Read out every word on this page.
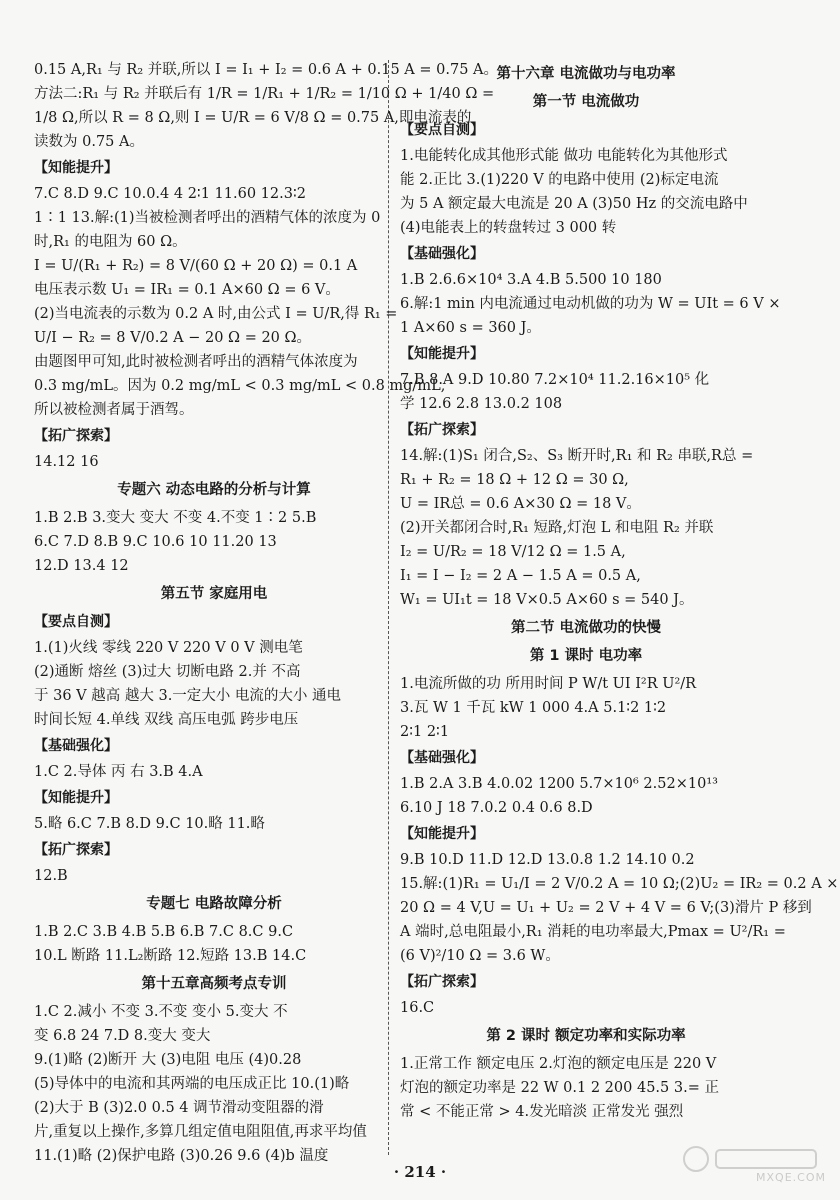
0.15 A,R₁ 与 R₂ 并联,所以 I = I₁ + I₂ = 0.6 A + 0.15 A = 0.75 A。
方法二:R₁ 与 R₂ 并联后有 1/R = 1/R₁ + 1/R₂ = 1/10 Ω + 1/40 Ω =
1/8 Ω,所以 R = 8 Ω,则 I = U/R = 6 V/8 Ω = 0.75 A,即电流表的
读数为 0.75 A。
【知能提升】
7.C 8.D 9.C 10.0.4 4 2∶1 11.60 12.3∶2
1∶1 13.解:(1)当被检测者呼出的酒精气体的浓度为 0
时,R₁ 的电阻为 60 Ω。
I = U/(R₁ + R₂) = 8 V/(60 Ω + 20 Ω) = 0.1 A
电压表示数 U₁ = IR₁ = 0.1 A×60 Ω = 6 V。
(2)当电流表的示数为 0.2 A 时,由公式 I = U/R,得 R₁ =
U/I − R₂ = 8 V/0.2 A − 20 Ω = 20 Ω。
由题图甲可知,此时被检测者呼出的酒精气体浓度为
0.3 mg/mL。因为 0.2 mg/mL < 0.3 mg/mL < 0.8 mg/mL,
所以被检测者属于酒驾。
【拓广探索】
14.12 16
专题六 动态电路的分析与计算
1.B 2.B 3.变大 变大 不变 4.不变 1∶2 5.B
6.C 7.D 8.B 9.C 10.6 10 11.20 13
12.D 13.4 12
第五节 家庭用电
【要点自测】
1.(1)火线 零线 220 V 220 V 0 V 测电笔
(2)通断 熔丝 (3)过大 切断电路 2.并 不高
于 36 V 越高 越大 3.一定大小 电流的大小 通电
时间长短 4.单线 双线 高压电弧 跨步电压
【基础强化】
1.C 2.导体 丙 右 3.B 4.A
【知能提升】
5.略 6.C 7.B 8.D 9.C 10.略 11.略
【拓广探索】
12.B
专题七 电路故障分析
1.B 2.C 3.B 4.B 5.B 6.B 7.C 8.C 9.C
10.L 断路 11.L₂断路 12.短路 13.B 14.C
第十五章高频考点专训
1.C 2.减小 不变 3.不变 变小 5.变大 不
变 6.8 24 7.D 8.变大 变大
9.(1)略 (2)断开 大 (3)电阻 电压 (4)0.28
(5)导体中的电流和其两端的电压成正比 10.(1)略
(2)大于 B (3)2.0 0.5 4 调节滑动变阻器的滑
片,重复以上操作,多算几组定值电阻阻值,再求平均值
11.(1)略 (2)保护电路 (3)0.26 9.6 (4)b 温度
第十六章 电流做功与电功率
第一节 电流做功
【要点自测】
1.电能转化成其他形式能 做功 电能转化为其他形式
能 2.正比 3.(1)220 V 的电路中使用 (2)标定电流
为 5 A 额定最大电流是 20 A (3)50 Hz 的交流电路中
(4)电能表上的转盘转过 3 000 转
【基础强化】
1.B 2.6.6×10⁴ 3.A 4.B 5.500 10 180
6.解:1 min 内电流通过电动机做的功为 W = UIt = 6 V ×
1 A×60 s = 360 J。
【知能提升】
7.B 8.A 9.D 10.80 7.2×10⁴ 11.2.16×10⁵ 化
学 12.6 2.8 13.0.2 108
【拓广探索】
14.解:(1)S₁ 闭合,S₂、S₃ 断开时,R₁ 和 R₂ 串联,R总 =
R₁ + R₂ = 18 Ω + 12 Ω = 30 Ω,
U = IR总 = 0.6 A×30 Ω = 18 V。
(2)开关都闭合时,R₁ 短路,灯泡 L 和电阻 R₂ 并联
I₂ = U/R₂ = 18 V/12 Ω = 1.5 A,
I₁ = I − I₂ = 2 A − 1.5 A = 0.5 A,
W₁ = UI₁t = 18 V×0.5 A×60 s = 540 J。
第二节 电流做功的快慢
第 1 课时 电功率
1.电流所做的功 所用时间 P W/t UI I²R U²/R
3.瓦 W 1 千瓦 kW 1 000 4.A 5.1∶2 1∶2
2∶1 2∶1
【基础强化】
1.B 2.A 3.B 4.0.02 1200 5.7×10⁶ 2.52×10¹³
6.10 J 18 7.0.2 0.4 0.6 8.D
【知能提升】
9.B 10.D 11.D 12.D 13.0.8 1.2 14.10 0.2
15.解:(1)R₁ = U₁/I = 2 V/0.2 A = 10 Ω;(2)U₂ = IR₂ = 0.2 A ×
20 Ω = 4 V,U = U₁ + U₂ = 2 V + 4 V = 6 V;(3)滑片 P 移到
A 端时,总电阻最小,R₁ 消耗的电功率最大,Pmax = U²/R₁ =
(6 V)²/10 Ω = 3.6 W。
【拓广探索】
16.C
第 2 课时 额定功率和实际功率
1.正常工作 额定电压 2.灯泡的额定电压是 220 V
灯泡的额定功率是 22 W 0.1 2 200 45.5 3.= 正
常 < 不能正常 > 4.发光暗淡 正常发光 强烈
· 214 ·	MXQE.COM
